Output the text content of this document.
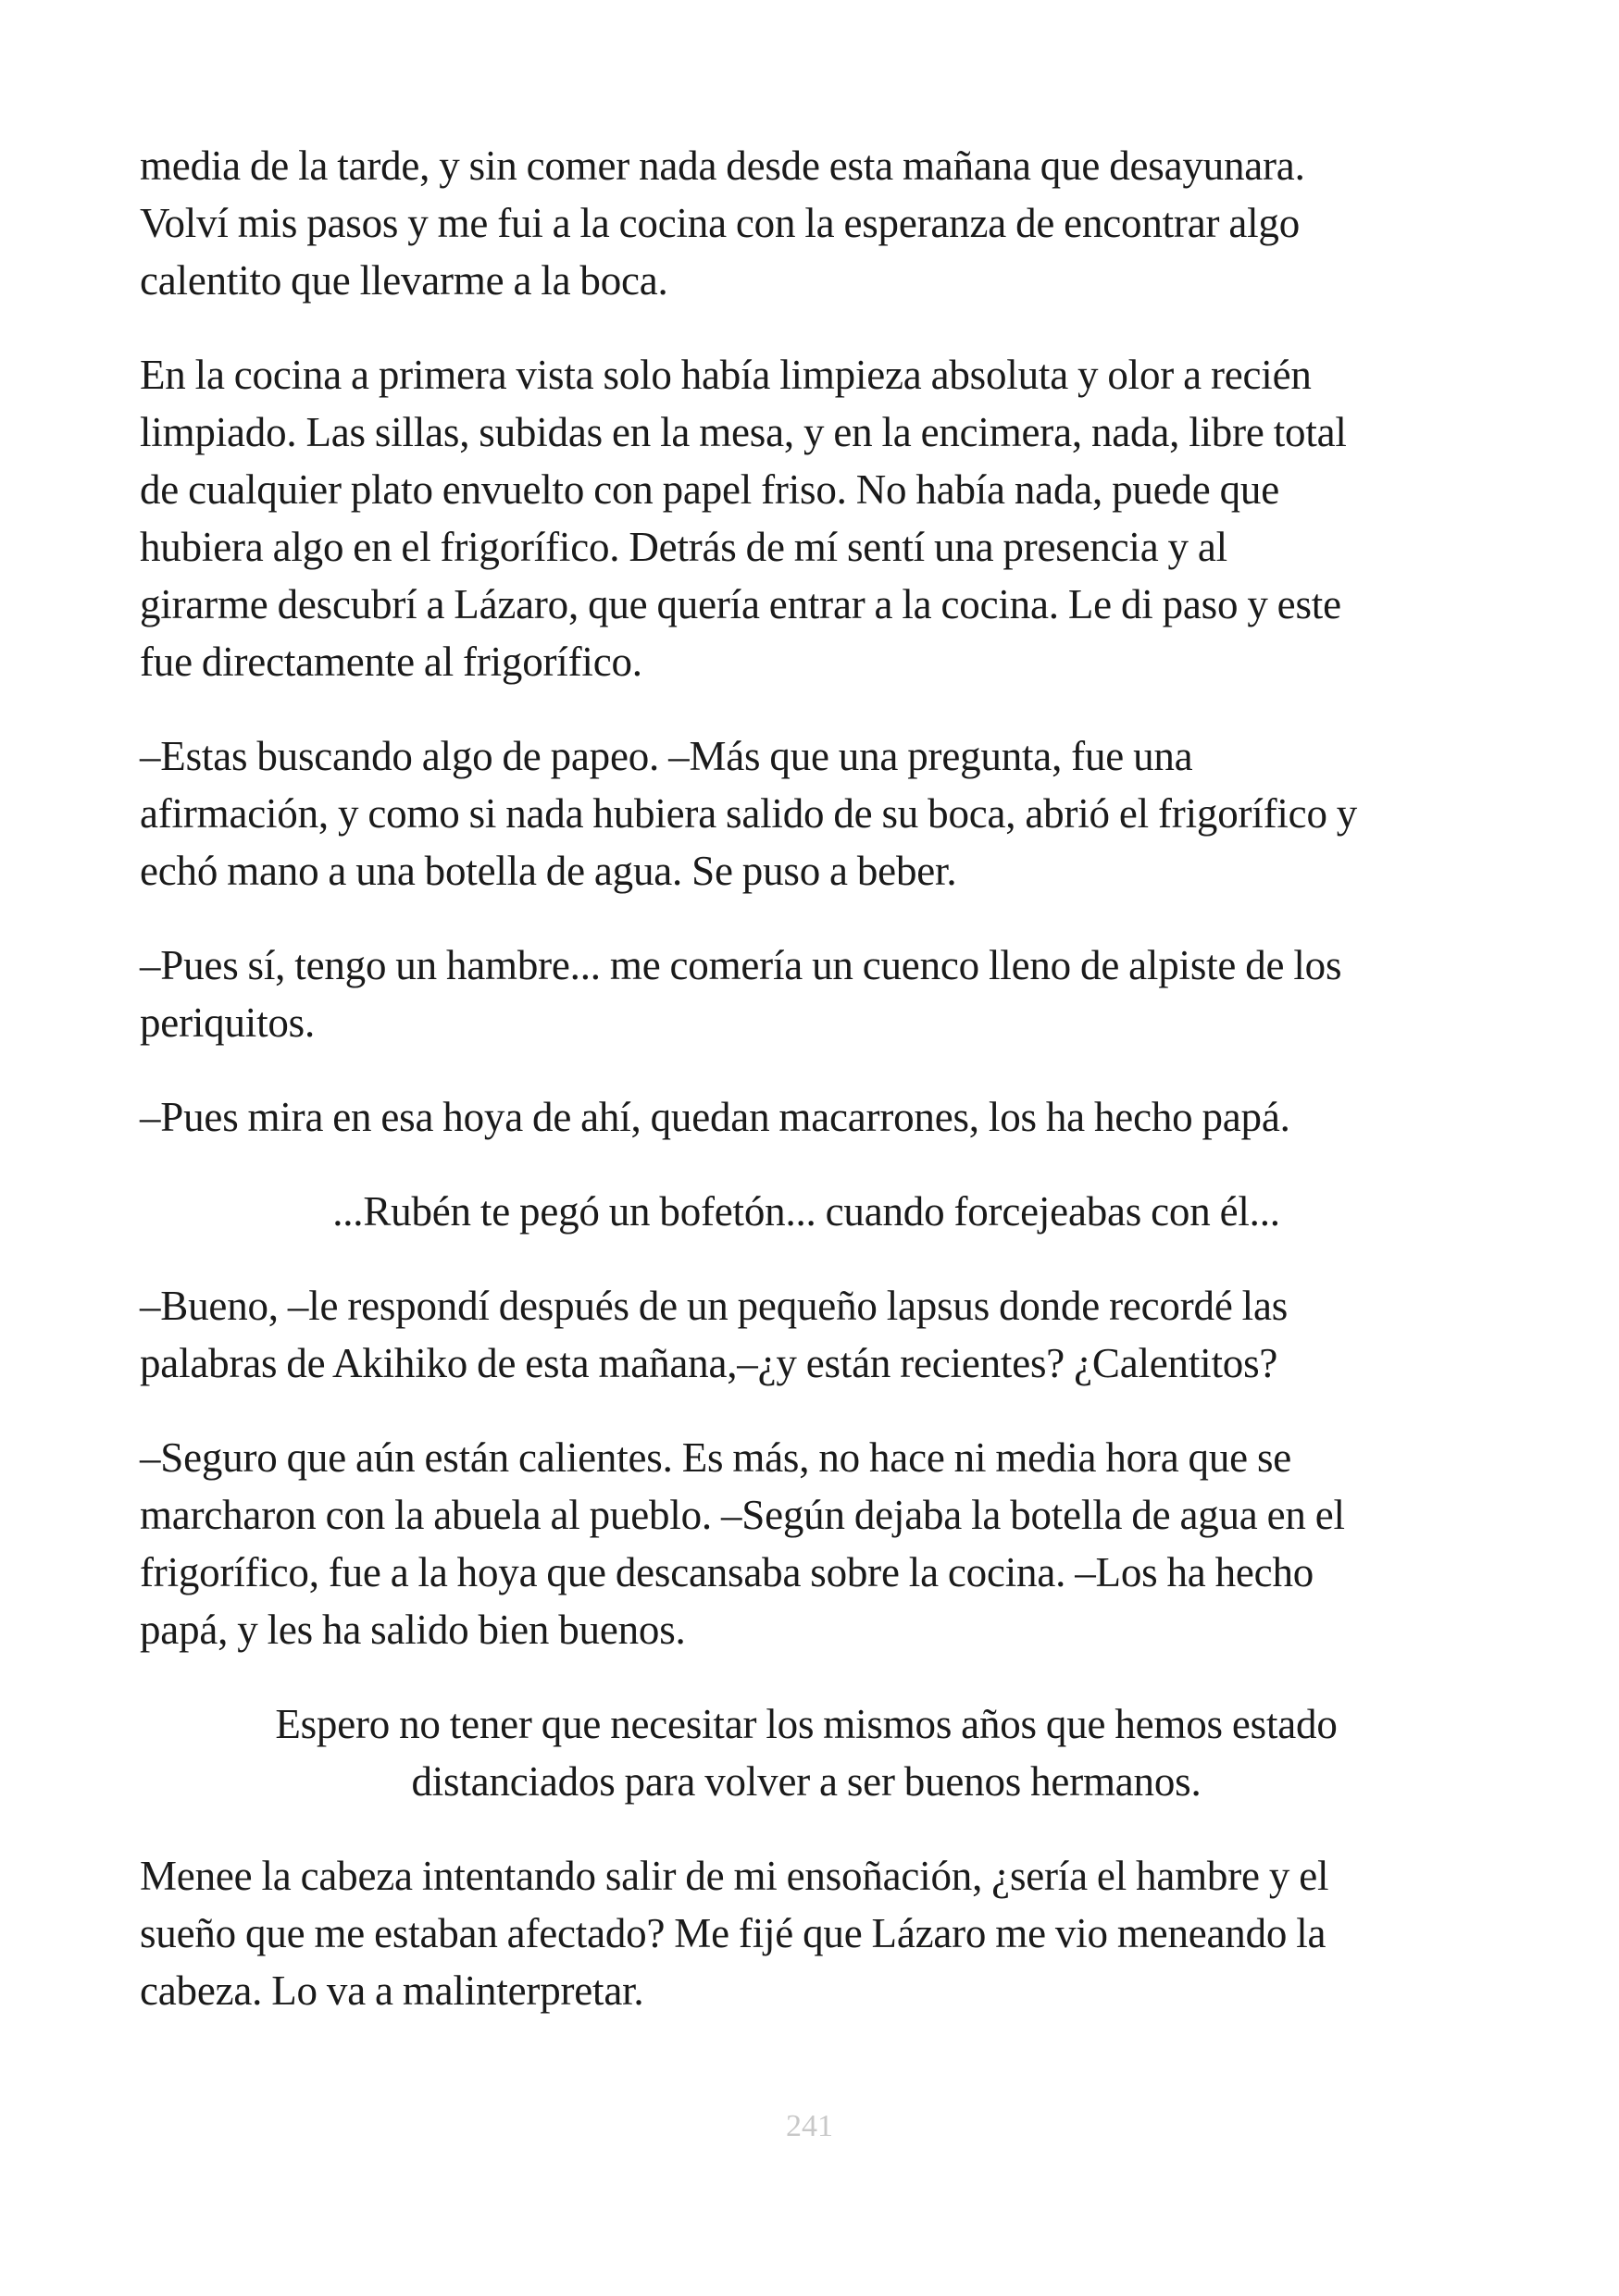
media de la tarde, y sin comer nada desde esta mañana que desayunara.
Volví mis pasos y me fui a la cocina con la esperanza de encontrar algo
calentito que llevarme a la boca.

En la cocina a primera vista solo había limpieza absoluta y olor a recién
limpiado. Las sillas, subidas en la mesa, y en la encimera, nada, libre total
de cualquier plato envuelto con papel friso. No había nada, puede que
hubiera algo en el frigorífico. Detrás de mí sentí una presencia y al
girarme descubrí a Lázaro, que quería entrar a la cocina. Le di paso y este
fue directamente al frigorífico.

–Estas buscando algo de papeo. –Más que una pregunta, fue una
afirmación, y como si nada hubiera salido de su boca, abrió el frigorífico y
echó mano a una botella de agua. Se puso a beber.

–Pues sí, tengo un hambre... me comería un cuenco lleno de alpiste de los
periquitos.

–Pues mira en esa hoya de ahí, quedan macarrones, los ha hecho papá.

...Rubén te pegó un bofetón... cuando forcejeabas con él...

–Bueno, –le respondí después de un pequeño lapsus donde recordé las
palabras de Akihiko de esta mañana,–¿y están recientes? ¿Calentitos?

–Seguro que aún están calientes. Es más, no hace ni media hora que se
marcharon con la abuela al pueblo. –Según dejaba la botella de agua en el
frigorífico, fue a la hoya que descansaba sobre la cocina. –Los ha hecho
papá, y les ha salido bien buenos.

Espero no tener que necesitar los mismos años que hemos estado
distanciados para volver a ser buenos hermanos.

Menee la cabeza intentando salir de mi ensoñación, ¿sería el hambre y el
sueño que me estaban afectado? Me fijé que Lázaro me vio meneando la
cabeza. Lo va a malinterpretar.

241
